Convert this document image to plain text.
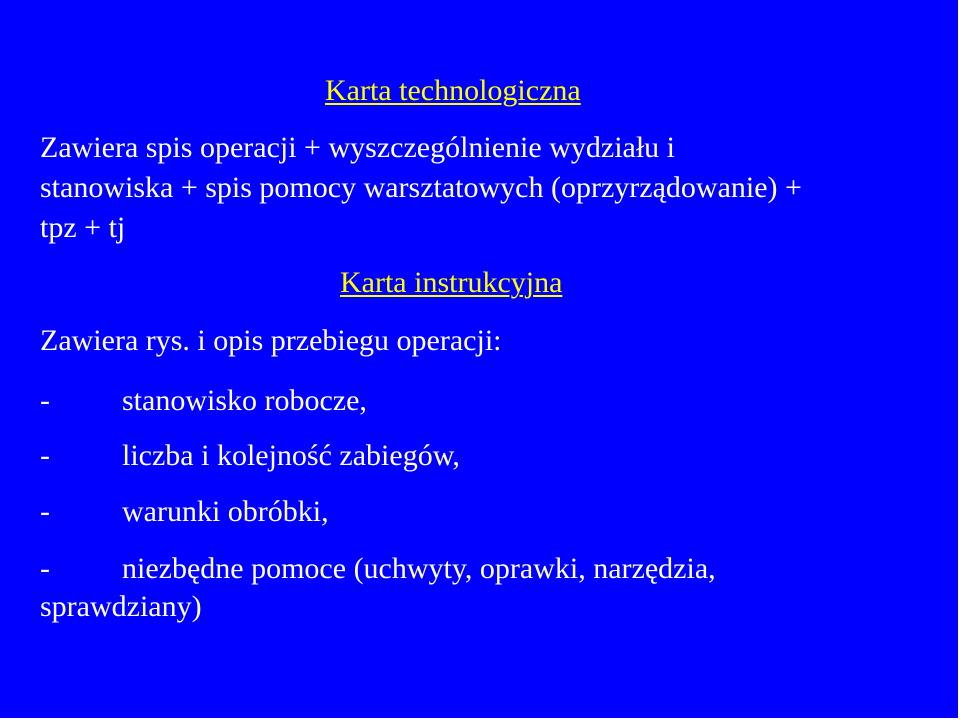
Karta technologiczna
Zawiera spis operacji + wyszczególnienie wydziału i
stanowiska + spis pomocy warsztatowych (oprzyrządowanie) +
tpz + tj
Karta instrukcyjna
Zawiera rys. i opis przebiegu operacji:
- stanowisko robocze,
- liczba i kolejność zabiegów,
- warunki obróbki,
- niezbędne pomoce (uchwyty, oprawki, narzędzia,
sprawdziany)
